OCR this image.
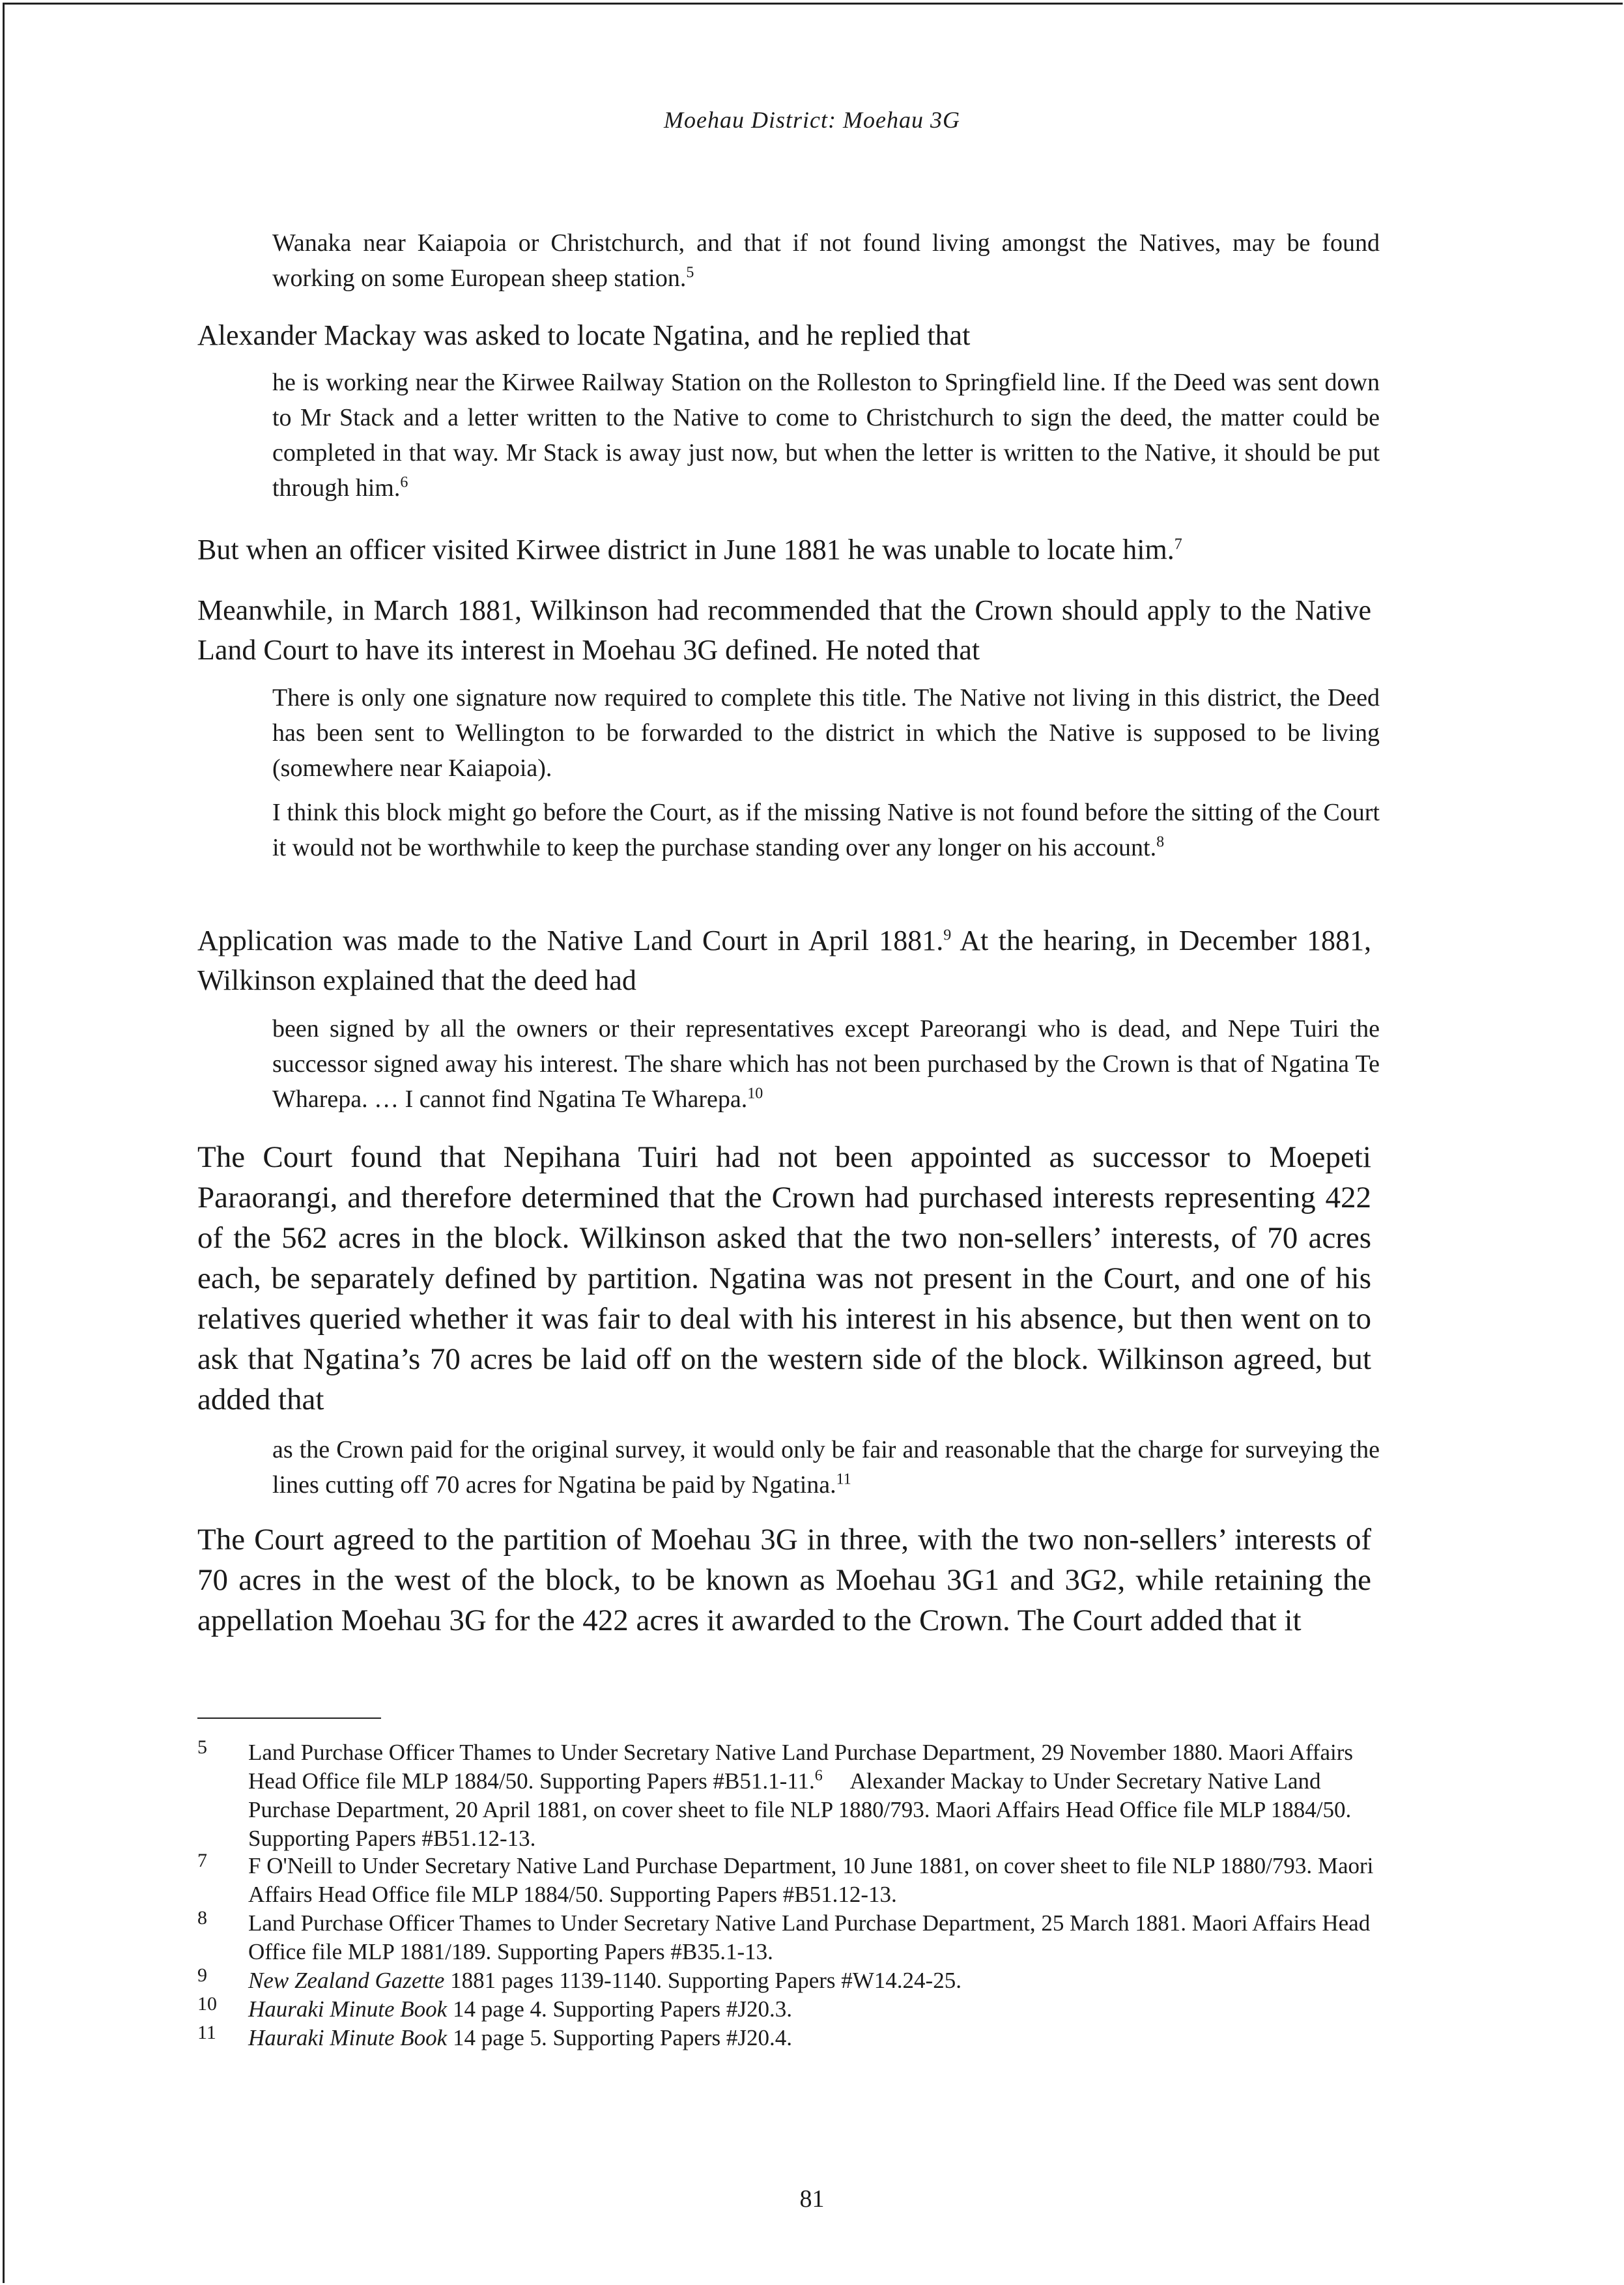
Moehau District: Moehau 3G

Wanaka near Kaiapoia or Christchurch, and that if not found living amongst the Natives, may be found working on some European sheep station.$^5$

Alexander Mackay was asked to locate Ngatina, and he replied that

he is working near the Kirwee Railway Station on the Rolleston to Springfield line. If the Deed was sent down to Mr Stack and a letter written to the Native to come to Christchurch to sign the deed, the matter could be completed in that way. Mr Stack is away just now, but when the letter is written to the Native, it should be put through him.$^6$

But when an officer visited Kirwee district in June 1881 he was unable to locate him.$^7$

Meanwhile, in March 1881, Wilkinson had recommended that the Crown should apply to the Native Land Court to have its interest in Moehau 3G defined. He noted that

There is only one signature now required to complete this title. The Native not living in this district, the Deed has been sent to Wellington to be forwarded to the district in which the Native is supposed to be living (somewhere near Kaiapoia).

I think this block might go before the Court, as if the missing Native is not found before the sitting of the Court it would not be worthwhile to keep the purchase standing over any longer on his account.$^8$

Application was made to the Native Land Court in April 1881.$^9$ At the hearing, in December 1881, Wilkinson explained that the deed had

been signed by all the owners or their representatives except Pareorangi who is dead, and Nepe Tuiri the successor signed away his interest. The share which has not been purchased by the Crown is that of Ngatina Te Wharepa. … I cannot find Ngatina Te Wharepa.$^{10}$

The Court found that Nepihana Tuiri had not been appointed as successor to Moepeti Paraorangi, and therefore determined that the Crown had purchased interests representing 422 of the 562 acres in the block. Wilkinson asked that the two non-sellers’ interests, of 70 acres each, be separately defined by partition. Ngatina was not present in the Court, and one of his relatives queried whether it was fair to deal with his interest in his absence, but then went on to ask that Ngatina’s 70 acres be laid off on the western side of the block. Wilkinson agreed, but added that

as the Crown paid for the original survey, it would only be fair and reasonable that the charge for surveying the lines cutting off 70 acres for Ngatina be paid by Ngatina.$^{11}$

The Court agreed to the partition of Moehau 3G in three, with the two non-sellers’ interests of 70 acres in the west of the block, to be known as Moehau 3G1 and 3G2, while retaining the appellation Moehau 3G for the 422 acres it awarded to the Crown. The Court added that it

5 Land Purchase Officer Thames to Under Secretary Native Land Purchase Department, 29 November 1880. Maori Affairs Head Office file MLP 1884/50. Supporting Papers #B51.1-11.$^6$     Alexander Mackay to Under Secretary Native Land Purchase Department, 20 April 1881, on cover sheet to file NLP 1880/793. Maori Affairs Head Office file MLP 1884/50. Supporting Papers #B51.12-13.
7 F O'Neill to Under Secretary Native Land Purchase Department, 10 June 1881, on cover sheet to file NLP 1880/793. Maori Affairs Head Office file MLP 1884/50. Supporting Papers #B51.12-13.
8 Land Purchase Officer Thames to Under Secretary Native Land Purchase Department, 25 March 1881. Maori Affairs Head Office file MLP 1881/189. Supporting Papers #B35.1-13.
9 New Zealand Gazette 1881 pages 1139-1140. Supporting Papers #W14.24-25.
10 Hauraki Minute Book 14 page 4. Supporting Papers #J20.3.
11 Hauraki Minute Book 14 page 5. Supporting Papers #J20.4.
81
